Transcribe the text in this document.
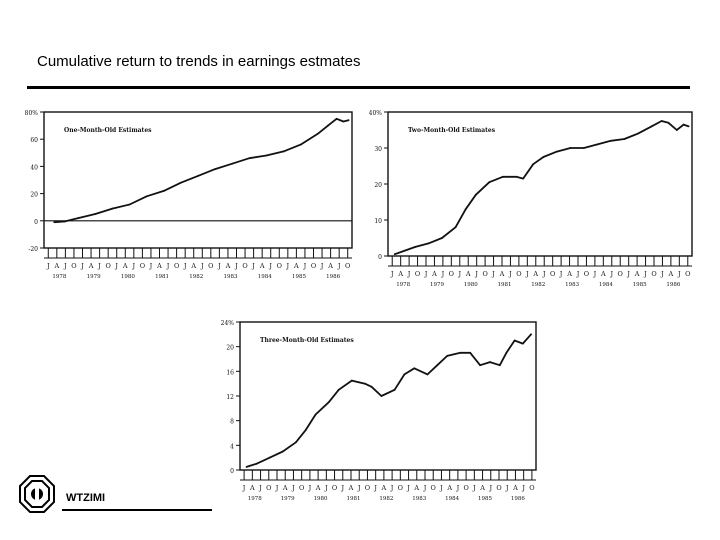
Cumulative return to trends in earnings estmates
-20
0
20
40
60
80%
J A J O
1978
J A J O
1979
J A J O
1980
J A J O
1981
J A J O
1982
J A J O
1983
J A J O
1984
J A J O
1985
J A J O
1986
One-Month-Old Estimates
0
10
20
30
40%
J A J O
1978
J A J O
1979
J A J O
1980
J A J O
1981
J A J O
1982
J A J O
1983
J A J O
1984
J A J O
1985
J A J O
1986
Two-Month-Old Estimates
0
4
8
12
16
20
24%
J A J O
1978
J A J O
1979
J A J O
1980
J A J O
1981
J A J O
1982
J A J O
1983
J A J O
1984
J A J O
1985
J A J O
1986
Three-Month-Old Estimates
WTZIMI
